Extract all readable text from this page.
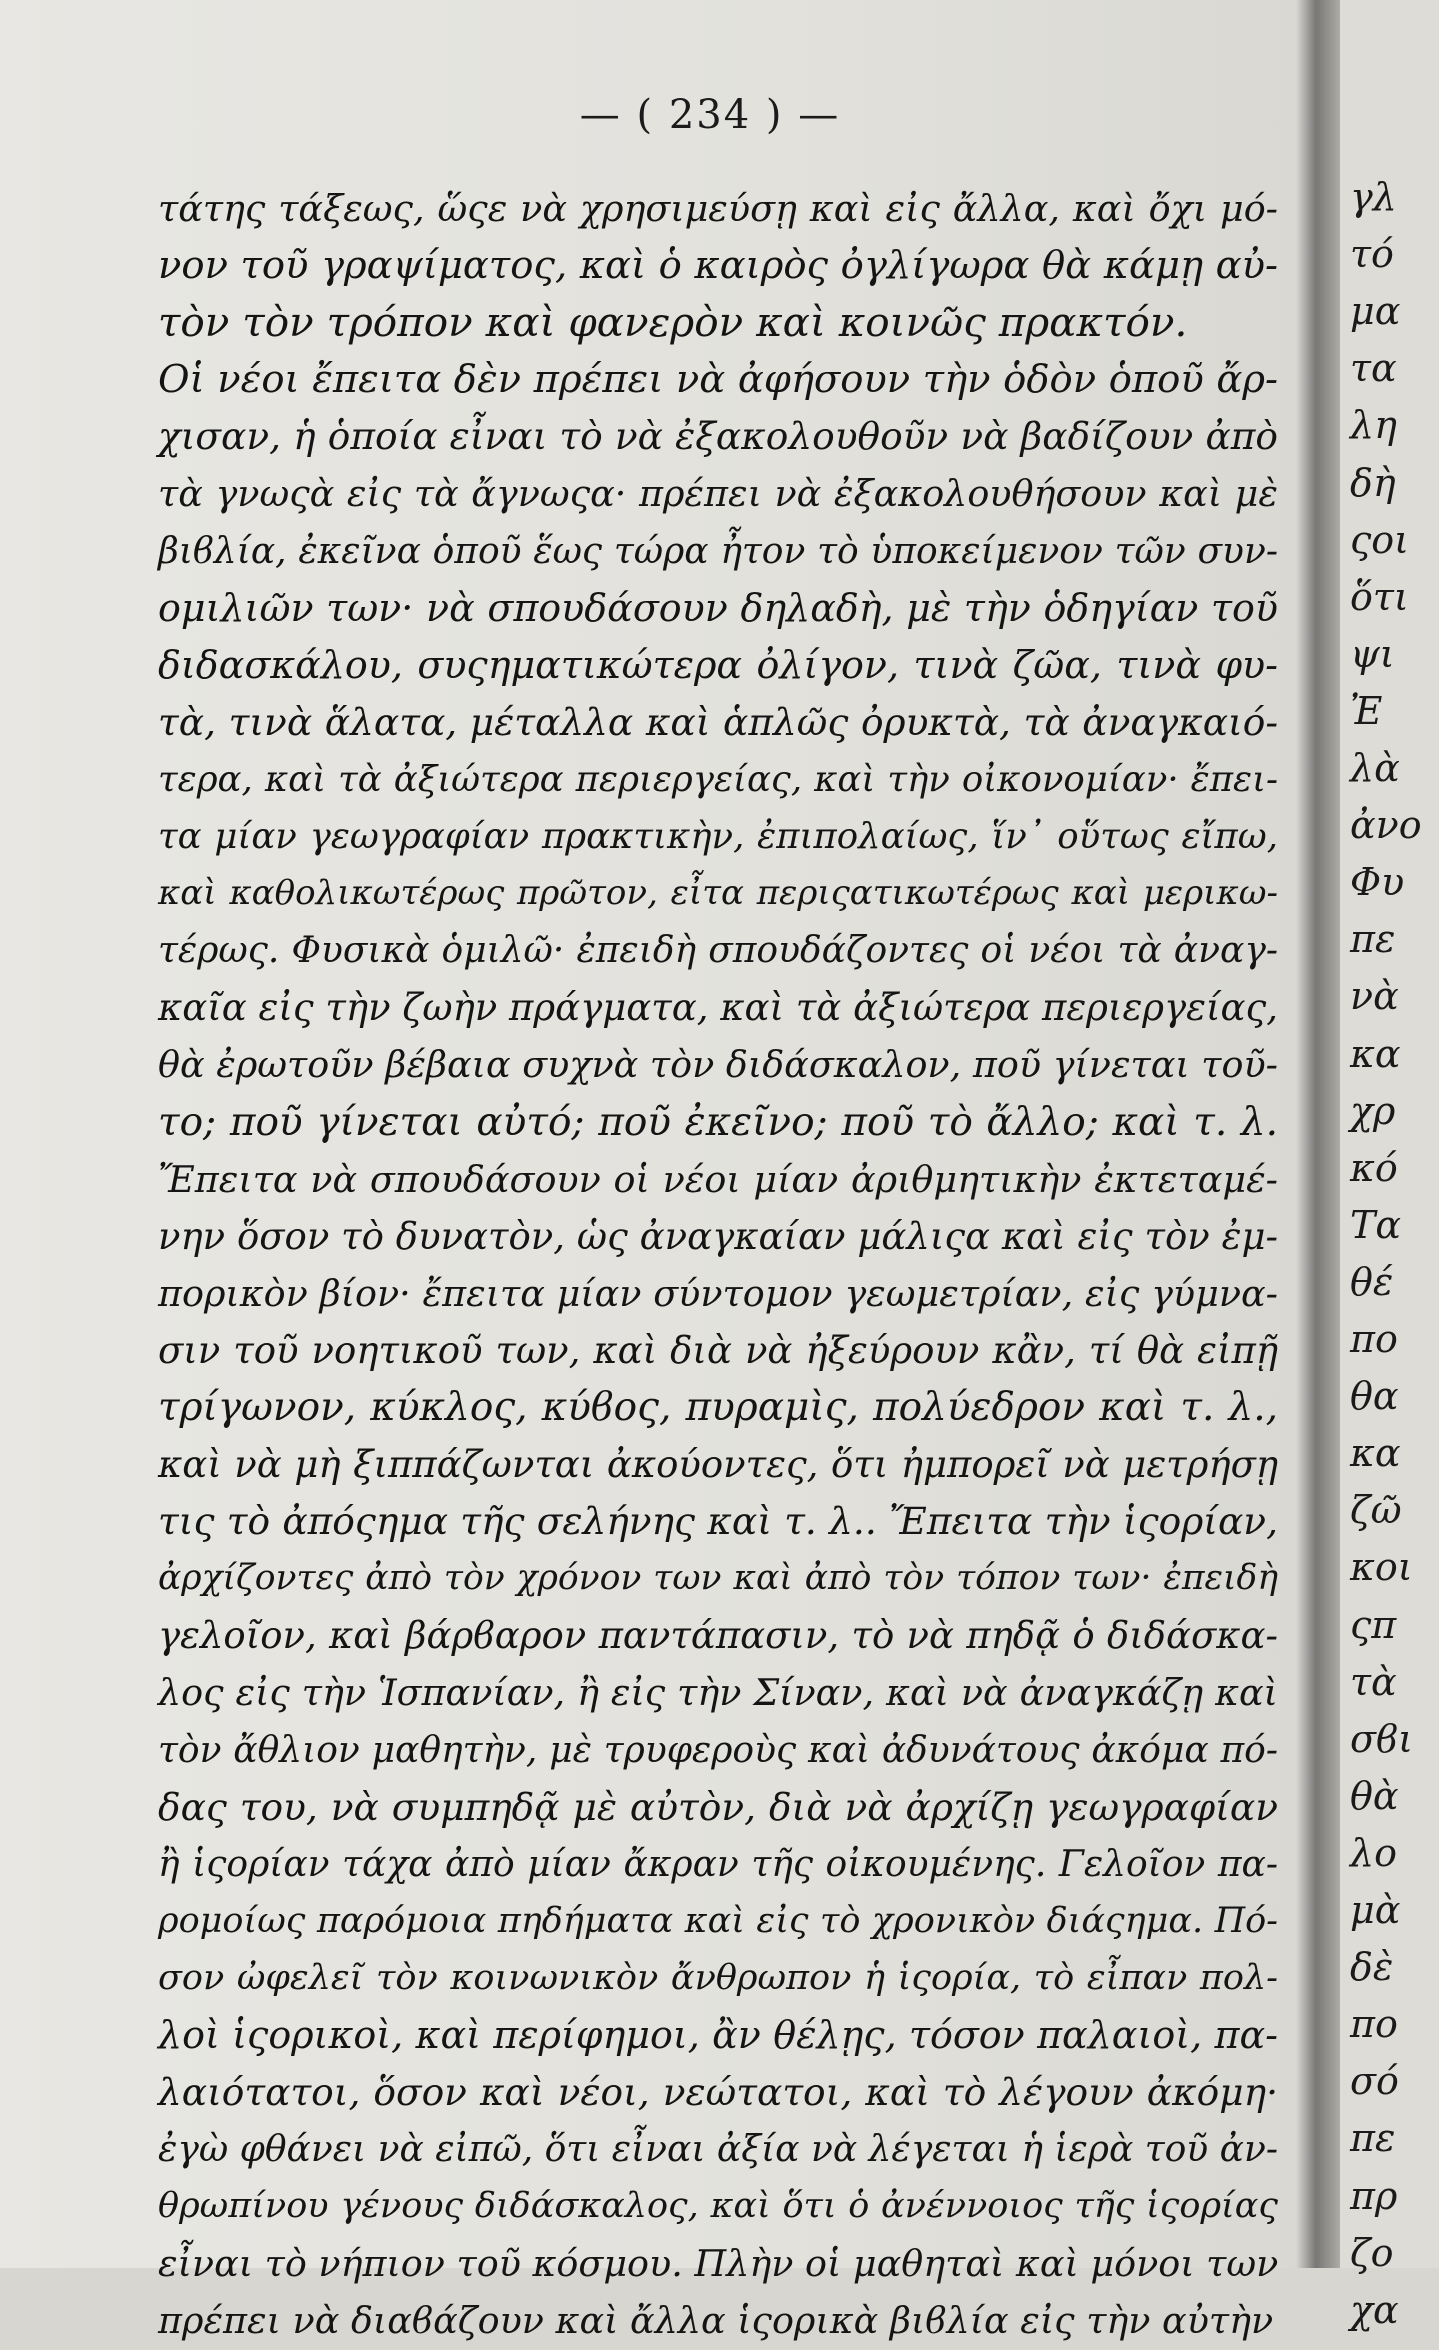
— ( 234 ) —
τάτης τάξεως, ὥςε νὰ χρησιμεύσῃ καὶ εἰς ἄλλα, καὶ ὄχι μό-
νον τοῦ γραψίματος, καὶ ὁ καιρὸς ὀγλίγωρα θὰ κάμῃ αὐ-
τὸν τὸν τρόπον καὶ φανερὸν καὶ κοινῶς πρακτόν.
Οἱ νέοι ἔπειτα δὲν πρέπει νὰ ἀφήσουν τὴν ὁδὸν ὁποῦ ἄρ-
χισαν, ἡ ὁποία εἶναι τὸ νὰ ἐξακολουθοῦν νὰ βαδίζουν ἀπὸ
τὰ γνωςὰ εἰς τὰ ἄγνωςα· πρέπει νὰ ἐξακολουθήσουν καὶ μὲ
βιϐλία, ἐκεῖνα ὁποῦ ἕως τώρα ἦτον τὸ ὑποκείμενον τῶν συν-
ομιλιῶν των· νὰ σπουδάσουν δηλαδὴ, μὲ τὴν ὁδηγίαν τοῦ
διδασκάλου, συςηματικώτερα ὀλίγον, τινὰ ζῶα, τινὰ φυ-
τὰ, τινὰ ἅλατα, μέταλλα καὶ ἁπλῶς ὀρυκτὰ, τὰ ἀναγκαιό-
τερα, καὶ τὰ ἀξιώτερα περιεργείας, καὶ τὴν οἰκονομίαν· ἔπει-
τα μίαν γεωγραφίαν πρακτικὴν, ἐπιπολαίως, ἵν᾽ οὕτως εἴπω,
καὶ καθολικωτέρως πρῶτον, εἶτα περιςατικωτέρως καὶ μερικω-
τέρως. Φυσικὰ ὁμιλῶ· ἐπειδὴ σπουδάζοντες οἱ νέοι τὰ ἀναγ-
καῖα εἰς τὴν ζωὴν πράγματα, καὶ τὰ ἀξιώτερα περιεργείας,
θὰ ἐρωτοῦν βέβαια συχνὰ τὸν διδάσκαλον, ποῦ γίνεται τοῦ-
το; ποῦ γίνεται αὐτό; ποῦ ἐκεῖνο; ποῦ τὸ ἄλλο; καὶ τ. λ.
Ἔπειτα νὰ σπουδάσουν οἱ νέοι μίαν ἀριθμητικὴν ἐκτεταμέ-
νην ὅσον τὸ δυνατὸν, ὡς ἀναγκαίαν μάλιςα καὶ εἰς τὸν ἐμ-
πορικὸν βίον· ἔπειτα μίαν σύντομον γεωμετρίαν, εἰς γύμνα-
σιν τοῦ νοητικοῦ των, καὶ διὰ νὰ ἠξεύρουν κἂν, τί θὰ εἰπῇ
τρίγωνον, κύκλος, κύϐος, πυραμὶς, πολύεδρον καὶ τ. λ.,
καὶ νὰ μὴ ξιππάζωνται ἀκούοντες, ὅτι ἠμπορεῖ νὰ μετρήσῃ
τις τὸ ἀπόςημα τῆς σελήνης καὶ τ. λ.. Ἔπειτα τὴν ἱςορίαν,
ἀρχίζοντες ἀπὸ τὸν χρόνον των καὶ ἀπὸ τὸν τόπον των· ἐπειδὴ
γελοῖον, καὶ βάρϐαρον παντάπασιν, τὸ νὰ πηδᾷ ὁ διδάσκα-
λος εἰς τὴν Ἱσπανίαν, ἢ εἰς τὴν Σίναν, καὶ νὰ ἀναγκάζῃ καὶ
τὸν ἄθλιον μαθητὴν, μὲ τρυφεροὺς καὶ ἀδυνάτους ἀκόμα πό-
δας του, νὰ συμπηδᾷ μὲ αὐτὸν, διὰ νὰ ἀρχίζῃ γεωγραφίαν
ἢ ἱςορίαν τάχα ἀπὸ μίαν ἄκραν τῆς οἰκουμένης. Γελοῖον πα-
ρομοίως παρόμοια πηδήματα καὶ εἰς τὸ χρονικὸν διάςημα. Πό-
σον ὠφελεῖ τὸν κοινωνικὸν ἄνθρωπον ἡ ἱςορία, τὸ εἶπαν πολ-
λοὶ ἱςορικοὶ, καὶ περίφημοι, ἂν θέλῃς, τόσον παλαιοὶ, πα-
λαιότατοι, ὅσον καὶ νέοι, νεώτατοι, καὶ τὸ λέγουν ἀκόμη·
ἐγὼ φθάνει νὰ εἰπῶ, ὅτι εἶναι ἀξία νὰ λέγεται ἡ ἱερὰ τοῦ ἀν-
θρωπίνου γένους διδάσκαλος, καὶ ὅτι ὁ ἀνέννοιος τῆς ἱςορίας
εἶναι τὸ νήπιον τοῦ κόσμου. Πλὴν οἱ μαθηταὶ καὶ μόνοι των
πρέπει νὰ διαϐάζουν καὶ ἄλλα ἱςορικὰ βιϐλία εἰς τὴν αὐτὴν
γλ
τό
μα
τα
λη
δὴ
ςοι
ὅτι
ψι
Ἐ
λὰ
ἀνο
Φυ
πε
νὰ
κα
χρ
κό
Τα
θέ
πο
θα
κα
ζῶ
κοι
ςπ
τὰ
σϐι
θὰ
λο
μὰ
δὲ
πο
σό
πε
πρ
ζο
χα
